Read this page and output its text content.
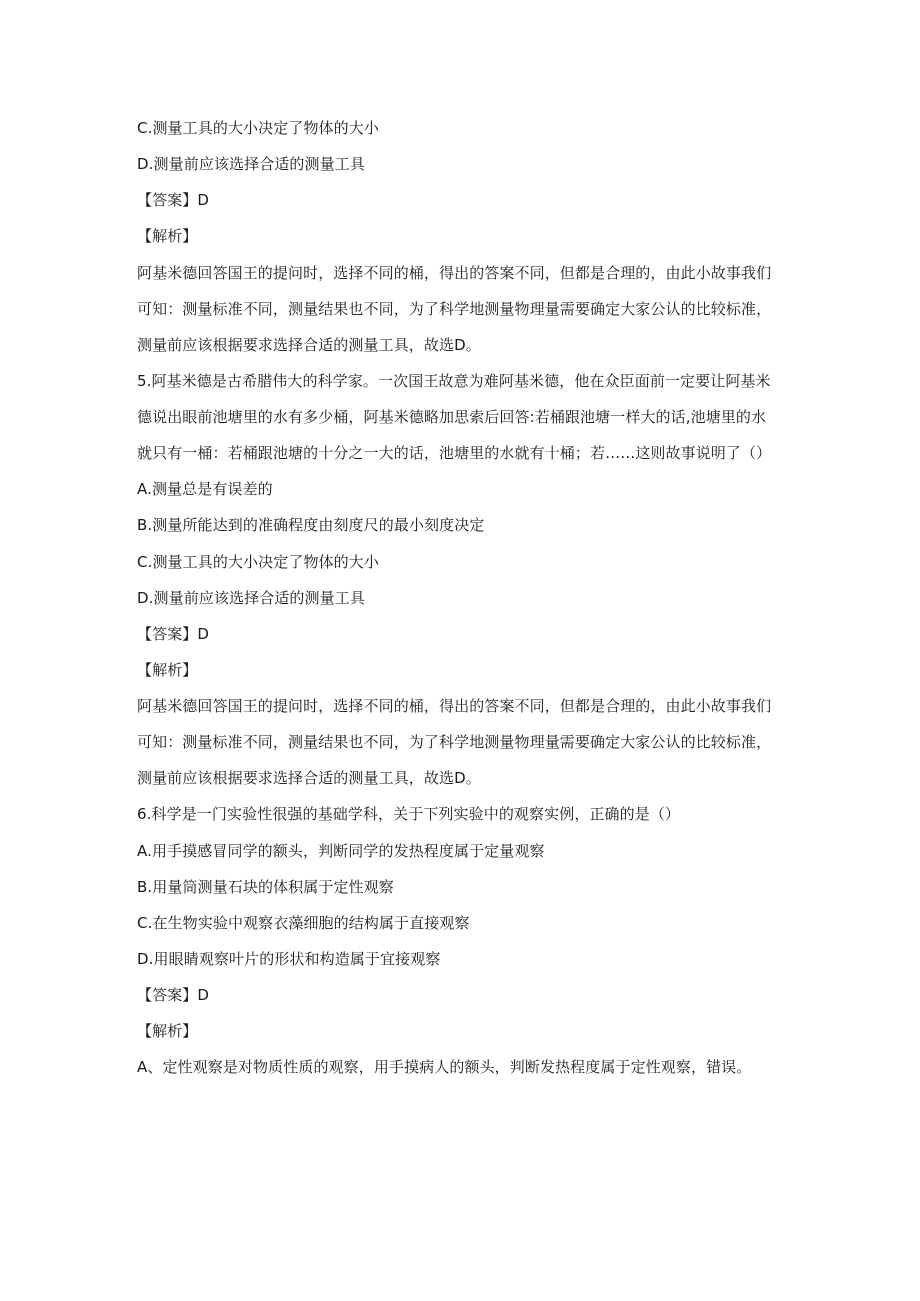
C.测量工具的大小决定了物体的大小
D.测量前应该选择合适的测量工具
【答案】D
【解析】
阿基米德回答国王的提问时，选择不同的桶，得出的答案不同，但都是合理的，由此小故事我们
可知：测量标准不同，测量结果也不同，为了科学地测量物理量需要确定大家公认的比较标准，
测量前应该根据要求选择合适的测量工具，故选D。
5.阿基米德是古希腊伟大的科学家。一次国王故意为难阿基米德，他在众臣面前一定要让阿基米
德说出眼前池塘里的水有多少桶，阿基米德略加思索后回答:若桶跟池塘一样大的话,池塘里的水
就只有一桶：若桶跟池塘的十分之一大的话，池塘里的水就有十桶；若……这则故事说明了（）
A.测量总是有误差的
B.测量所能达到的准确程度由刻度尺的最小刻度决定
C.测量工具的大小决定了物体的大小
D.测量前应该选择合适的测量工具
【答案】D
【解析】
阿基米德回答国王的提问时，选择不同的桶，得出的答案不同，但都是合理的，由此小故事我们
可知：测量标准不同，测量结果也不同，为了科学地测量物理量需要确定大家公认的比较标准，
测量前应该根据要求选择合适的测量工具，故选D。
6.科学是一门实验性很强的基础学科，关于下列实验中的观察实例，正确的是（）
A.用手摸感冒同学的额头，判断同学的发热程度属于定量观察
B.用量筒测量石块的体积属于定性观察
C.在生物实验中观察衣藻细胞的结构属于直接观察
D.用眼睛观察叶片的形状和构造属于宜接观察
【答案】D
【解析】
A、定性观察是对物质性质的观察，用手摸病人的额头，判断发热程度属于定性观察，错误。
